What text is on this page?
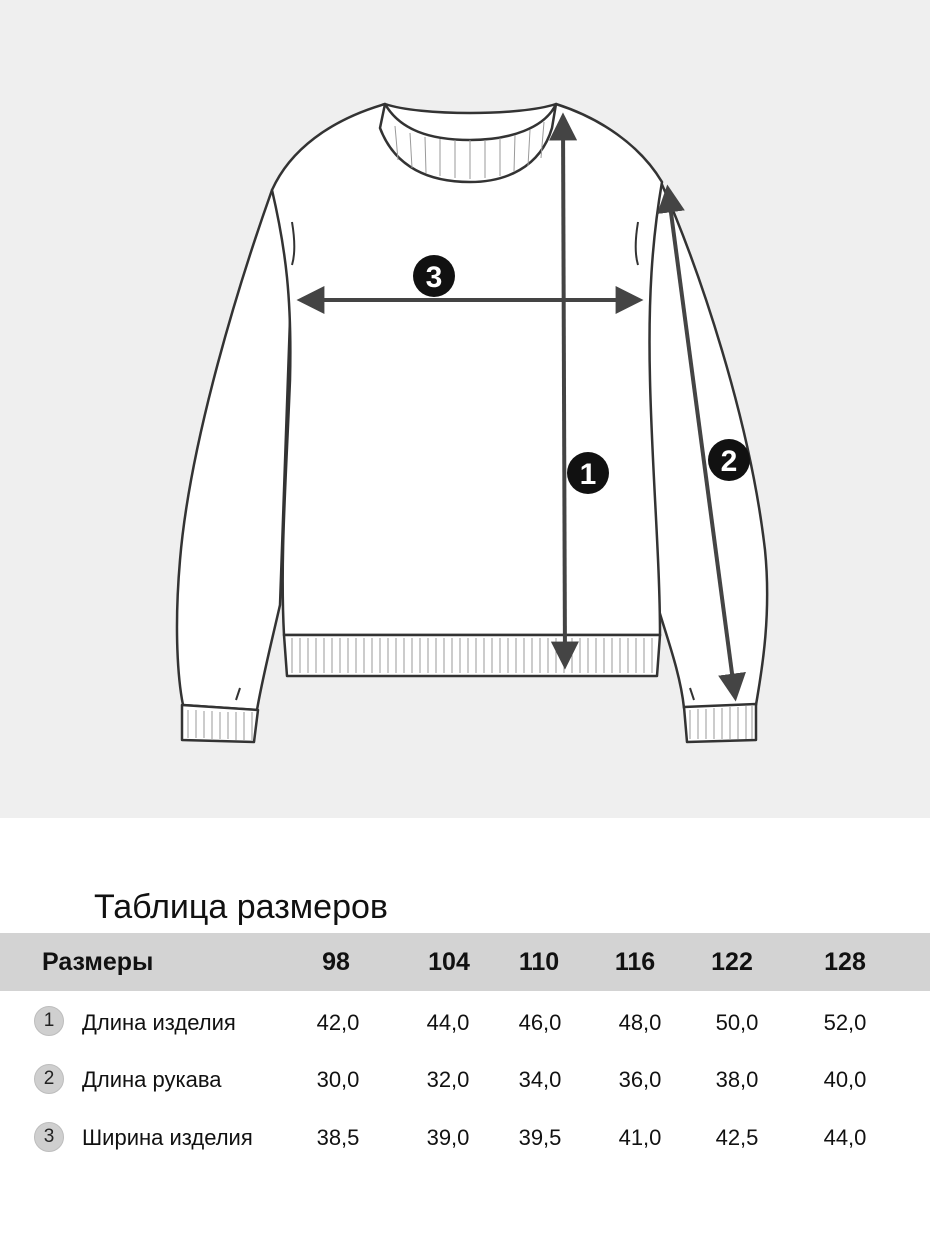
1	2
3
Таблица размеров
Размеры	98	104 110 116 122	128
1	Длина изделия	42,0	44,0 46,0	48,0 50,0	52,0
2	Длина рукава	30,0	32,0 34,0	36,0 38,0	40,0
3	Ширина изделия	38,5	39,0 39,5	41,0 42,5	44,0
